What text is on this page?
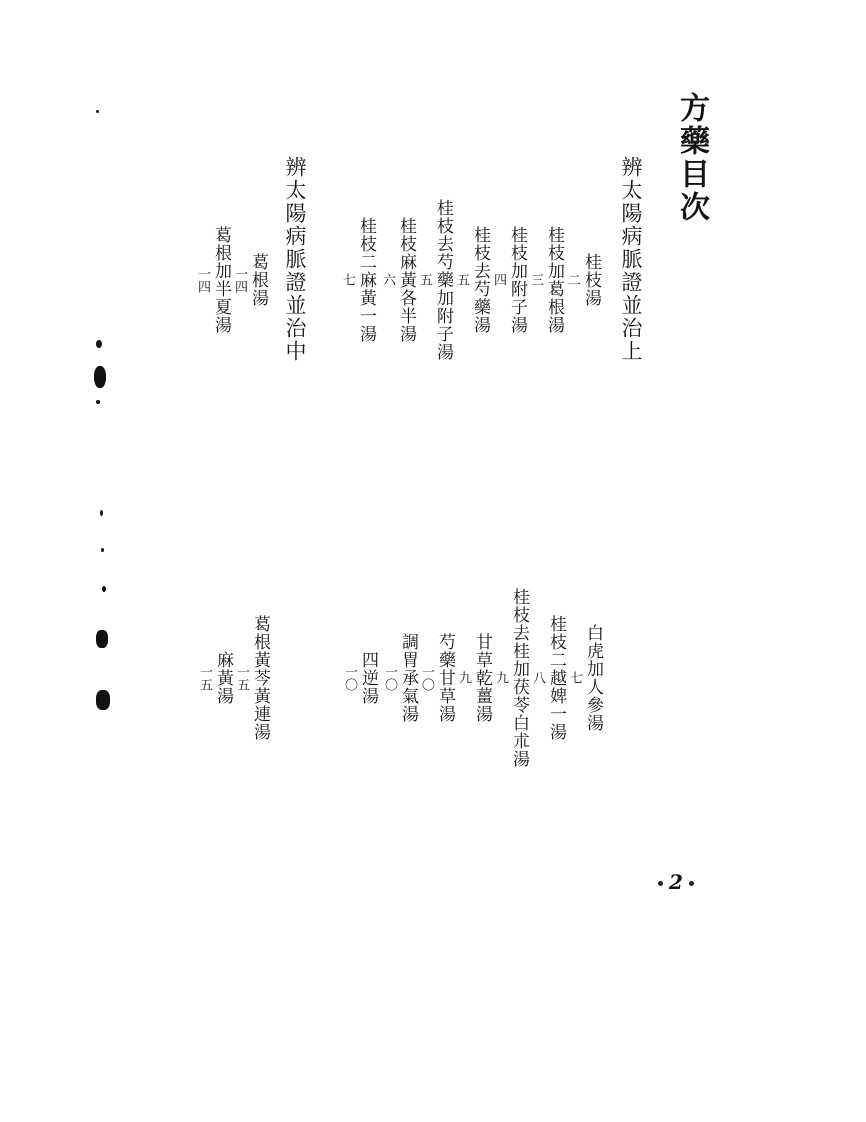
方藥目次
辨太陽病脈證並治上
辨太陽病脈證並治中	桂枝湯
二
桂枝加葛根湯
三
桂枝加附子湯
四
桂枝去芍藥湯
五
桂枝去芍藥加附子湯
五
桂枝麻黃各半湯
六
桂枝二麻黃一湯
七
葛根湯
一四
葛根加半夏湯
一四
白虎加人參湯
七
桂枝二越婢一湯
八
桂枝去桂加茯苓白朮湯
九
甘草乾薑湯
九
芍藥甘草湯
一〇
調胃承氣湯
一〇
四逆湯
一〇
葛根黃芩黃連湯
一五
麻黃湯
一五
2
